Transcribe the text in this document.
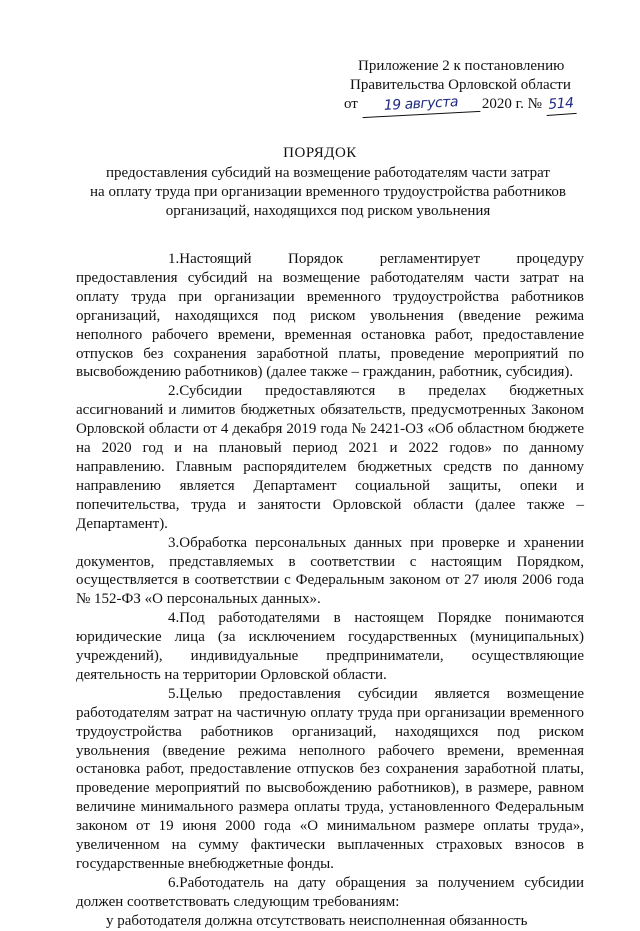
Приложение 2 к постановлению
Правительства Орловской области
от 19 августа 2020 г. № 514
ПОРЯДОК
предоставления субсидий на возмещение работодателям части затрат
на оплату труда при организации временного трудоустройства работников
организаций, находящихся под риском увольнения

1.Настоящий Порядок регламентирует процедуру предоставления субсидий на возмещение работодателям части затрат на оплату труда при организации временного трудоустройства работников организаций, находящихся под риском увольнения (введение режима неполного рабочего времени, временная остановка работ, предоставление отпусков без сохранения заработной платы, проведение мероприятий по высвобождению работников) (далее также – гражданин, работник, субсидия).

2.Субсидии предоставляются в пределах бюджетных ассигнований и лимитов бюджетных обязательств, предусмотренных Законом Орловской области от 4 декабря 2019 года № 2421-ОЗ «Об областном бюджете на 2020 год и на плановый период 2021 и 2022 годов» по данному направлению. Главным распорядителем бюджетных средств по данному направлению является Департамент социальной защиты, опеки и попечительства, труда и занятости Орловской области (далее также – Департамент).

3.Обработка персональных данных при проверке и хранении документов, представляемых в соответствии с настоящим Порядком, осуществляется в соответствии с Федеральным законом от 27 июля 2006 года № 152-ФЗ «О персональных данных».

4.Под работодателями в настоящем Порядке понимаются юридические лица (за исключением государственных (муниципальных) учреждений), индивидуальные предприниматели, осуществляющие деятельность на территории Орловской области.

5.Целью предоставления субсидии является возмещение работодателям затрат на частичную оплату труда при организации временного трудоустройства работников организаций, находящихся под риском увольнения (введение режима неполного рабочего времени, временная остановка работ, предоставление отпусков без сохранения заработной платы, проведение мероприятий по высвобождению работников), в размере, равном величине минимального размера оплаты труда, установленного Федеральным законом от 19 июня 2000 года «О минимальном размере оплаты труда», увеличенном на сумму фактически выплаченных страховых взносов в государственные внебюджетные фонды.

6.Работодатель на дату обращения за получением субсидии должен соответствовать следующим требованиям:

у работодателя должна отсутствовать неисполненная обязанность
